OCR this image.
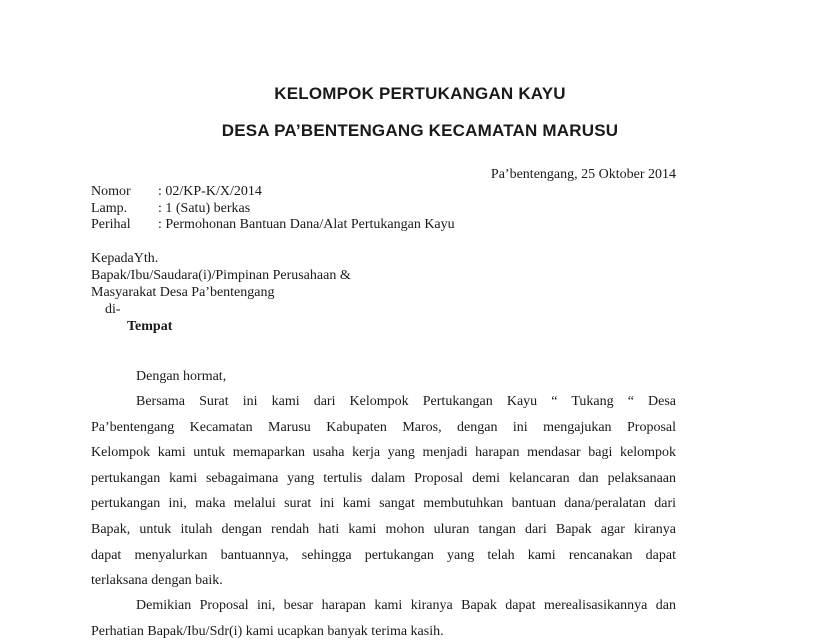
KELOMPOK PERTUKANGAN KAYU
DESA PA’BENTENGANG KECAMATAN MARUSU
Pa’bentengang, 25 Oktober 2014
Nomor : 02/KP-K/X/2014
Lamp. : 1 (Satu) berkas
Perihal : Permohonan Bantuan Dana/Alat Pertukangan Kayu
KepadaYth.
Bapak/Ibu/Saudara(i)/Pimpinan Perusahaan &
Masyarakat Desa Pa’bentengang
di-
Tempat
Dengan hormat,
Bersama Surat ini kami dari Kelompok Pertukangan Kayu “ Tukang “ Desa
Pa’bentengang Kecamatan Marusu Kabupaten Maros, dengan ini mengajukan Proposal
Kelompok kami untuk memaparkan usaha kerja yang menjadi harapan mendasar bagi kelompok
pertukangan kami sebagaimana yang tertulis dalam Proposal demi kelancaran dan pelaksanaan
pertukangan ini, maka melalui surat ini kami sangat membutuhkan bantuan dana/peralatan dari
Bapak, untuk itulah dengan rendah hati kami mohon uluran tangan dari Bapak agar kiranya
dapat menyalurkan bantuannya, sehingga pertukangan yang telah kami rencanakan dapat
terlaksana dengan baik.
Demikian Proposal ini, besar harapan kami kiranya Bapak dapat merealisasikannya dan
Perhatian Bapak/Ibu/Sdr(i) kami ucapkan banyak terima kasih.
